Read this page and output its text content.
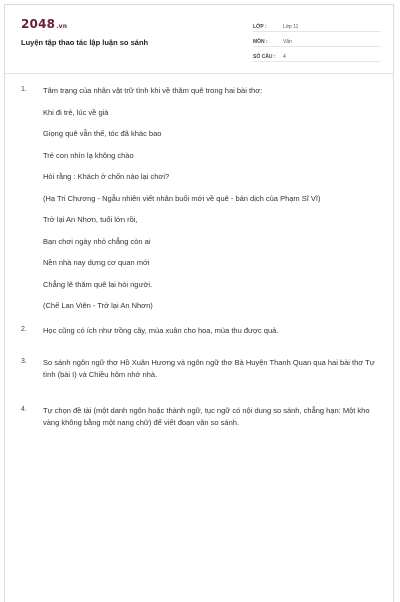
2048.vn
Luyện tập thao tác lập luận so sánh
LỚP :	Lớp 11
MÔN :	Văn
SỐ CÂU :	4
1.	Tâm trạng của nhân vật trữ tình khi về thăm quê trong hai bài thơ:
Khi đi trẻ, lúc về già
Giọng quê vẫn thế, tóc đã khác bao
Trẻ con nhìn lạ không chào
Hỏi rằng : Khách ở chốn nào lại chơi?
(Hạ Tri Chương - Ngẫu nhiên viết nhân buổi mới về quê - bản dịch của Phạm Sĩ Vĩ)
Trở lại An Nhơn, tuổi lớn rồi,
Bạn chơi ngày nhỏ chẳng còn ai
Nền nhà nay dựng cơ quan mới
Chẳng lẽ thăm quê lại hỏi người.
(Chế Lan Viên - Trở lại An Nhơn)
2.	Học cũng có ích như trồng cây, mùa xuân cho hoa, mùa thu được quả.
3.	So sánh ngôn ngữ thơ Hồ Xuân Hương và ngôn ngữ thơ Bà Huyện Thanh Quan qua hai bài thơ Tự tình (bài I) và Chiều hôm nhớ nhà.
4.	Tự chọn đề tài (một danh ngôn hoặc thành ngữ, tục ngữ có nội dung so sánh, chẳng hạn: Một kho vàng không bằng một nang chữ) để viết đoạn văn so sánh.
